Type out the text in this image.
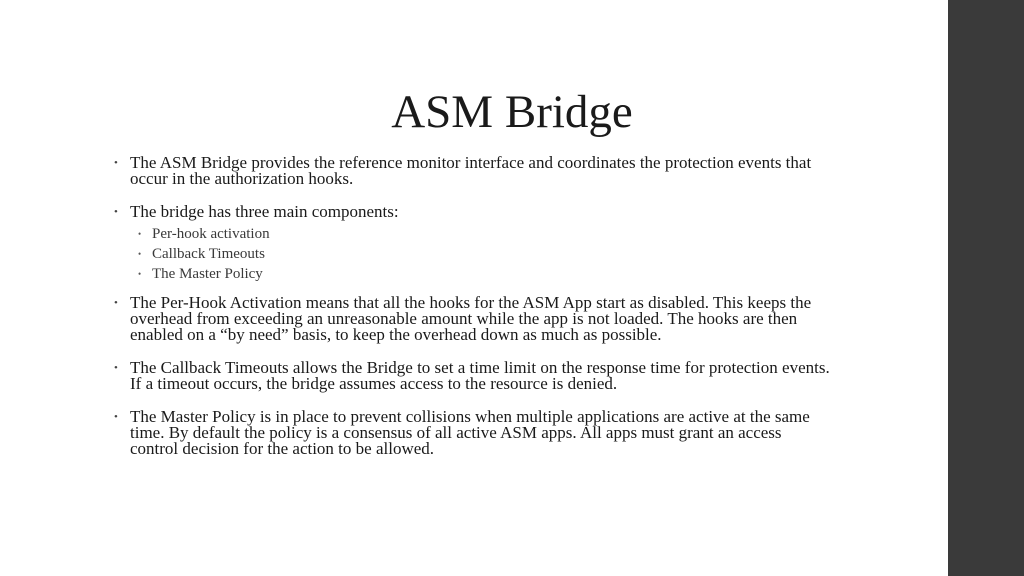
• The ASM Bridge provides the reference monitor interface and coordinates the protection events that occur in the authorization hooks.
• The bridge has three main components:
• Per-hook activation
• Callback Timeouts
• The Master Policy
• The Per-Hook Activation means that all the hooks for the ASM App start as disabled. This keeps the overhead from exceeding an unreasonable amount while the app is not loaded. The hooks are then enabled on a “by need” basis, to keep the overhead down as much as possible.
• The Callback Timeouts allows the Bridge to set a time limit on the response time for protection events. If a timeout occurs, the bridge assumes access to the resource is denied.
• The Master Policy is in place to prevent collisions when multiple applications are active at the same time. By default the policy is a consensus of all active ASM apps. All apps must grant an access control decision for the action to be allowed.
ASM Bridge
